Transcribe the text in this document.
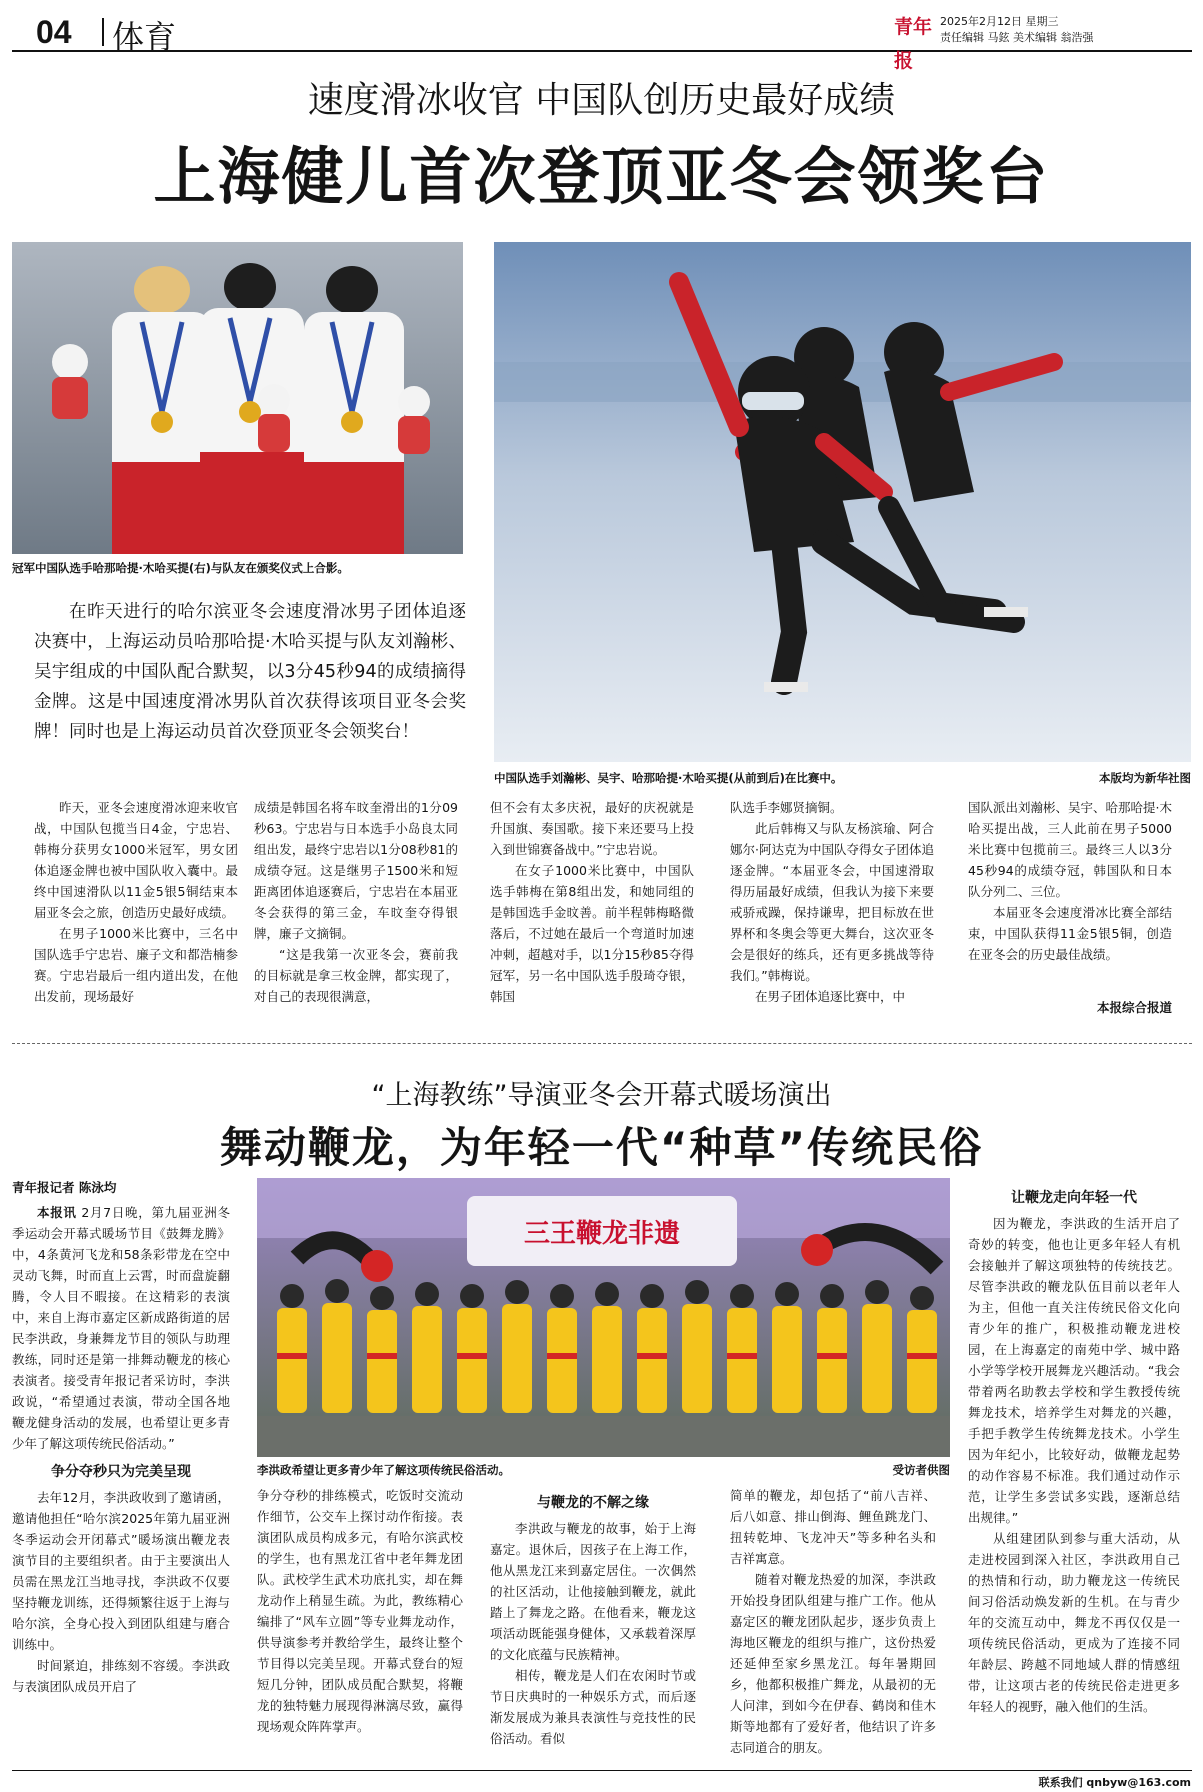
04 体育	青年报
2025年2月12日 星期三
责任编辑 马鉉 美术编辑 翁浩强
速度滑冰收官 中国队创历史最好成绩
上海健儿首次登顶亚冬会领奖台
冠军中国队选手哈那哈提·木哈买提(右)与队友在颁奖仪式上合影。
中国队选手刘瀚彬、吴宇、哈那哈提·木哈买提(从前到后)在比赛中。	本版均为新华社图
在昨天进行的哈尔滨亚冬会速度滑冰男子团体追逐决赛中，上海运动员哈那哈提·木哈买提与队友刘瀚彬、吴宇组成的中国队配合默契，以3分45秒94的成绩摘得金牌。这是中国速度滑冰男队首次获得该项目亚冬会奖牌！同时也是上海运动员首次登顶亚冬会领奖台！

昨天，亚冬会速度滑冰迎来收官战，中国队包揽当日4金，宁忠岩、韩梅分获男女1000米冠军，男女团体追逐金牌也被中国队收入囊中。最终中国速滑队以11金5银5铜结束本届亚冬会之旅，创造历史最好成绩。

在男子1000米比赛中，三名中国队选手宁忠岩、廉子文和都浩楠参赛。宁忠岩最后一组内道出发，在他出发前，现场最好

成绩是韩国名将车旼奎滑出的1分09秒63。宁忠岩与日本选手小岛良太同组出发，最终宁忠岩以1分08秒81的成绩夺冠。这是继男子1500米和短距离团体追逐赛后，宁忠岩在本届亚冬会获得的第三金，车旼奎夺得银牌，廉子文摘铜。

“这是我第一次亚冬会，赛前我的目标就是拿三枚金牌，都实现了，对自己的表现很满意，

但不会有太多庆祝，最好的庆祝就是升国旗、奏国歌。接下来还要马上投入到世锦赛备战中。”宁忠岩说。

在女子1000米比赛中，中国队选手韩梅在第8组出发，和她同组的是韩国选手金旼善。前半程韩梅略微落后，不过她在最后一个弯道时加速冲刺，超越对手，以1分15秒85夺得冠军，另一名中国队选手殷琦夺银，韩国

队选手李娜贤摘铜。

此后韩梅又与队友杨滨瑜、阿合娜尔·阿达克为中国队夺得女子团体追逐金牌。“本届亚冬会，中国速滑取得历届最好成绩，但我认为接下来要戒骄戒躁，保持谦卑，把目标放在世界杯和冬奥会等更大舞台，这次亚冬会是很好的练兵，还有更多挑战等待我们。”韩梅说。

在男子团体追逐比赛中，中

国队派出刘瀚彬、吴宇、哈那哈提·木哈买提出战，三人此前在男子5000米比赛中包揽前三。最终三人以3分45秒94的成绩夺冠，韩国队和日本队分列二、三位。

本届亚冬会速度滑冰比赛全部结束，中国队获得11金5银5铜，创造在亚冬会的历史最佳战绩。

本报综合报道
“上海教练”导演亚冬会开幕式暖场演出
舞动鞭龙，为年轻一代“种草”传统民俗
青年报记者 陈泳均
三王鞭龙非遗
李洪政希望让更多青少年了解这项传统民俗活动。	受访者供图

本报讯 2月7日晚，第九届亚洲冬季运动会开幕式暖场节目《鼓舞龙腾》中，4条黄河飞龙和58条彩带龙在空中灵动飞舞，时而直上云霄，时而盘旋翻腾，令人目不暇接。在这精彩的表演中，来自上海市嘉定区新成路街道的居民李洪政，身兼舞龙节目的领队与助理教练，同时还是第一排舞动鞭龙的核心表演者。接受青年报记者采访时，李洪政说，“希望通过表演，带动全国各地鞭龙健身活动的发展，也希望让更多青少年了解这项传统民俗活动。”

争分夺秒只为完美呈现

去年12月，李洪政收到了邀请函，邀请他担任“哈尔滨2025年第九届亚洲冬季运动会开闭幕式”暖场演出鞭龙表演节目的主要组织者。由于主要演出人员需在黑龙江当地寻找，李洪政不仅要坚持鞭龙训练，还得频繁往返于上海与哈尔滨，全身心投入到团队组建与磨合训练中。

时间紧迫，排练刻不容缓。李洪政与表演团队成员开启了

争分夺秒的排练模式，吃饭时交流动作细节，公交车上探讨动作衔接。表演团队成员构成多元，有哈尔滨武校的学生，也有黑龙江省中老年舞龙团队。武校学生武术功底扎实，却在舞龙动作上稍显生疏。为此，教练精心编排了“风车立圆”等专业舞龙动作，供导演参考并教给学生，最终让整个节目得以完美呈现。开幕式登台的短短几分钟，团队成员配合默契，将鞭龙的独特魅力展现得淋漓尽致，赢得现场观众阵阵掌声。

与鞭龙的不解之缘

李洪政与鞭龙的故事，始于上海嘉定。退休后，因孩子在上海工作，他从黑龙江来到嘉定居住。一次偶然的社区活动，让他接触到鞭龙，就此踏上了舞龙之路。在他看来，鞭龙这项活动既能强身健体，又承载着深厚的文化底蕴与民族精神。

相传，鞭龙是人们在农闲时节或节日庆典时的一种娱乐方式，而后逐渐发展成为兼具表演性与竞技性的民俗活动。看似

简单的鞭龙，却包括了“前八吉祥、后八如意、排山倒海、鲤鱼跳龙门、扭转乾坤、飞龙冲天”等多种名头和吉祥寓意。

随着对鞭龙热爱的加深，李洪政开始投身团队组建与推广工作。他从嘉定区的鞭龙团队起步，逐步负责上海地区鞭龙的组织与推广，这份热爱还延伸至家乡黑龙江。每年暑期回乡，他都积极推广舞龙，从最初的无人问津，到如今在伊春、鹤岗和佳木斯等地都有了爱好者，他结识了许多志同道合的朋友。

让鞭龙走向年轻一代

因为鞭龙，李洪政的生活开启了奇妙的转变，他也让更多年轻人有机会接触并了解这项独特的传统技艺。尽管李洪政的鞭龙队伍目前以老年人为主，但他一直关注传统民俗文化向青少年的推广，积极推动鞭龙进校园，在上海嘉定的南苑中学、城中路小学等学校开展舞龙兴趣活动。“我会带着两名助教去学校和学生教授传统舞龙技术，培养学生对舞龙的兴趣，手把手教学生传统舞龙技术。小学生因为年纪小，比较好动，做鞭龙起势的动作容易不标准。我们通过动作示范，让学生多尝试多实践，逐渐总结出规律。”

从组建团队到参与重大活动，从走进校园到深入社区，李洪政用自己的热情和行动，助力鞭龙这一传统民间习俗活动焕发新的生机。在与青少年的交流互动中，舞龙不再仅仅是一项传统民俗活动，更成为了连接不同年龄层、跨越不同地域人群的情感纽带，让这项古老的传统民俗走进更多年轻人的视野，融入他们的生活。

联系我们 qnbyw@163.com
